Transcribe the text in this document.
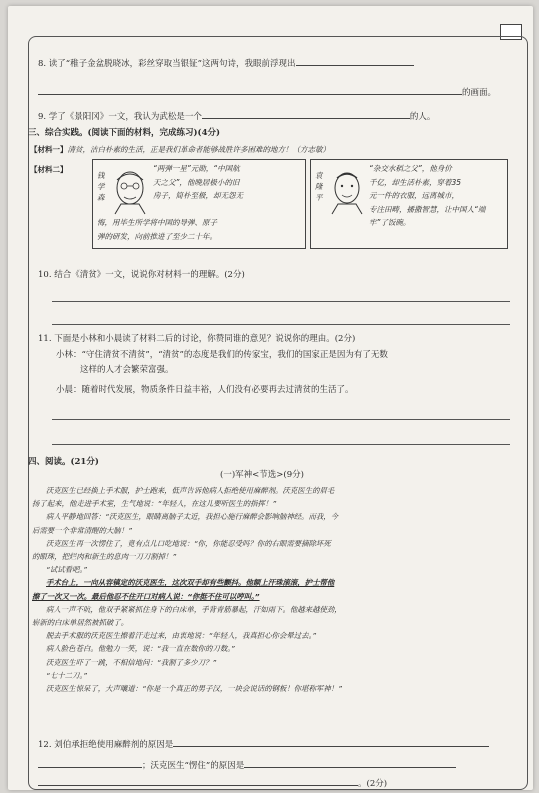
8. 读了“稚子金盆脱晓冰，彩丝穿取当银钲”这两句诗，我眼前浮现出
的画面。
9. 学了《景阳冈》一文，我认为武松是一个	的人。
三、综合实践。(阅读下面的材料，完成练习)(4分)
【材料一】清贫，洁白朴素的生活，正是我们革命者能够战胜许多困难的地方！（方志敏）
【材料二】
钱
学
森
“两弹一星”元勋，“中国航
天之父”，他晚居极小的旧
房子，简朴至极，却无怨无
悔，用毕生所学将中国的导弹、原子
弹的研发，向前推进了至少二十年。
袁
隆
平
“杂交水稻之父”，他身价
千亿，却生活朴素，穿着35
元一件的衣服，远离城市，
专注田畴，播撒智慧，让中国人“端
牢”了饭碗。
10. 结合《清贫》一文，说说你对材料一的理解。(2分)
11. 下面是小林和小晨读了材料二后的讨论，你赞同谁的意见？说说你的理由。(2分)
小林：“守住清贫不清贫”，“清贫”的态度是我们的传家宝，我们的国家正是因为有了无数
这样的人才会繁荣富强。
小晨：随着时代发展，物质条件日益丰裕，人们没有必要再去过清贫的生活了。
四、阅读。(21分)
(一)军神<节选>(9分)
沃克医生已经换上手术服，护士跑来，低声告诉他病人拒绝使用麻醉剂。沃克医生的眉毛
扬了起来，他走进手术室，生气地说：“年轻人，在这儿要听医生的指挥！”
病人平静地回答：“沃克医生，眼睛离脑子太近，我担心施行麻醉会影响脑神经。而我，今
后需要一个非常清醒的大脑！”
沃克医生再一次愣住了，竟有点儿口吃地说：“你，你能忍受吗？你的右眼需要摘除坏死
的眼珠，把烂肉和新生的息肉一刀刀割掉！”
“试试看吧。”
手术台上，一向从容镇定的沃克医生，这次双手却有些颤抖。他额上汗珠滚滚，护士帮他
擦了一次又一次。最后他忍不住开口对病人说：“你挺不住可以哼叫。”
病人一声不吭，他双手紧紧抓住身下的白床单，手背青筋暴起，汗如雨下。他越来越使劲，
崭新的白床单居然被抓破了。
脱去手术服的沃克医生擦着汗走过来，由衷地说：“年轻人，我真担心你会晕过去。”
病人脸色苍白。他勉力一笑，说：“我一直在数你的刀数。”
沃克医生吓了一跳，不相信地问：“我割了多少刀？”
“七十二刀。”
沃克医生惊呆了，大声嚷道：“你是一个真正的男子汉，一块会说话的钢板！你堪称军神！”
12. 刘伯承拒绝使用麻醉剂的原因是
；沃克医生“愣住”的原因是
。(2分)
